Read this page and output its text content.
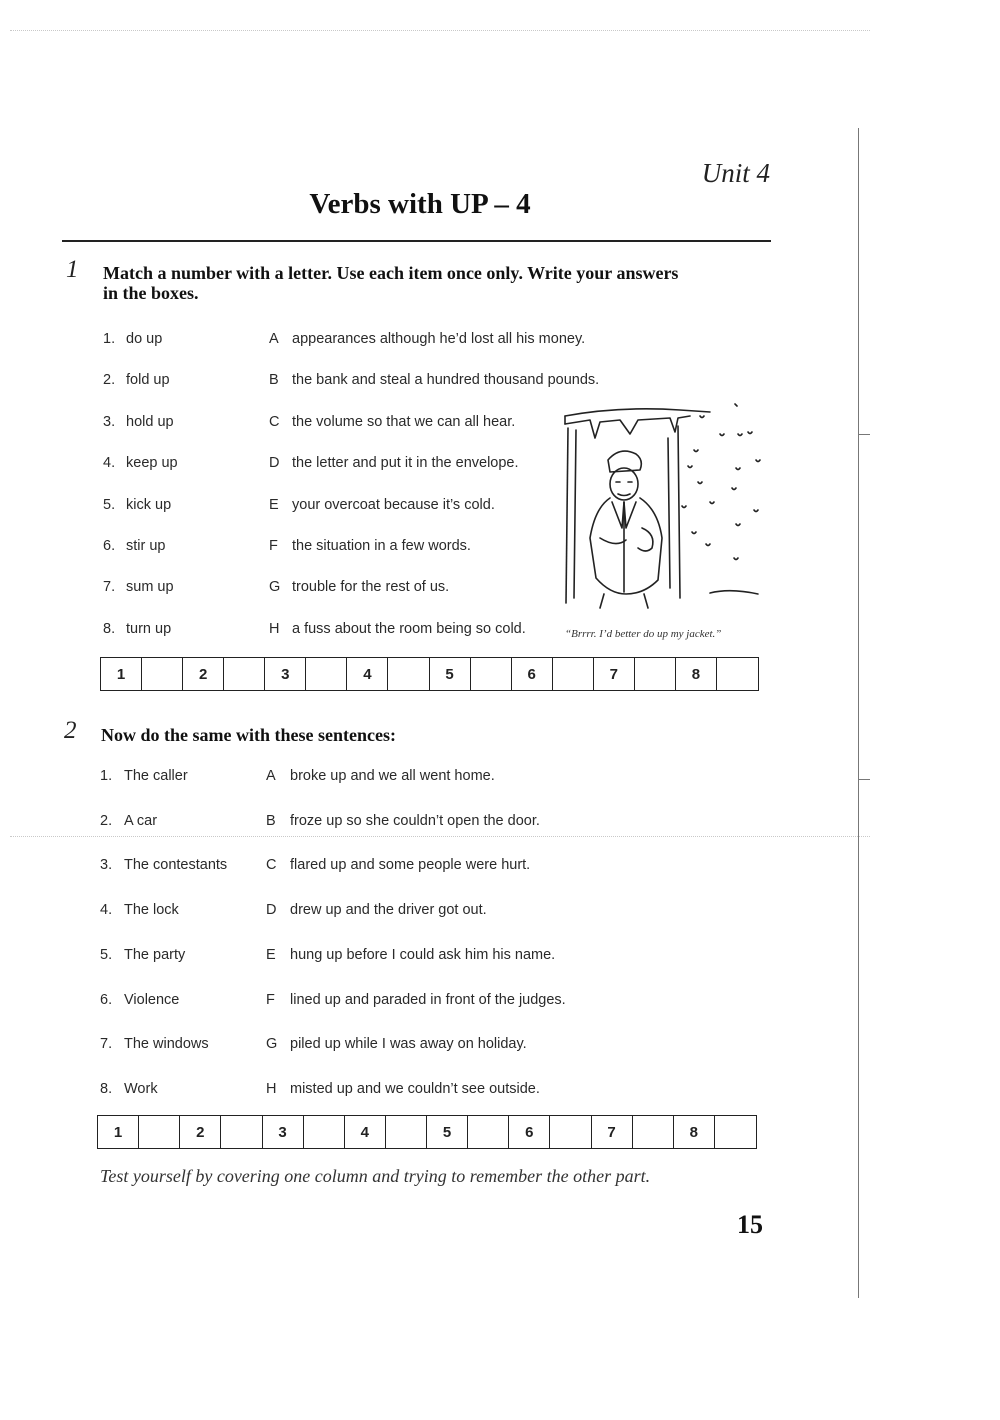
Unit 4
Verbs with UP – 4
1 Match a number with a letter. Use each item once only. Write your answers
in the boxes.
1. do up	A appearances although he’d lost all his money.
2. fold up	B the bank and steal a hundred thousand pounds.
3. hold up	C the volume so that we can all hear.
4. keep up	D the letter and put it in the envelope.
5. kick up	E your overcoat because it’s cold.
6. stir up	F the situation in a few words.
7. sum up	G trouble for the rest of us.
8. turn up	H a fuss about the room being so cold.	“Brrrr. I’d better do up my jacket.”
1	2	3	4	5	6	7	8
2 Now do the same with these sentences:
1. The caller	A broke up and we all went home.
2. A car	B froze up so she couldn’t open the door.
3. The contestants	C flared up and some people were hurt.
4. The lock	D drew up and the driver got out.
5. The party	E hung up before I could ask him his name.
6. Violence	F lined up and paraded in front of the judges.
7. The windows	G piled up while I was away on holiday.
8. Work	H misted up and we couldn’t see outside.
1	2	3	4	5	6	7	8
Test yourself by covering one column and trying to remember the other part.
15
